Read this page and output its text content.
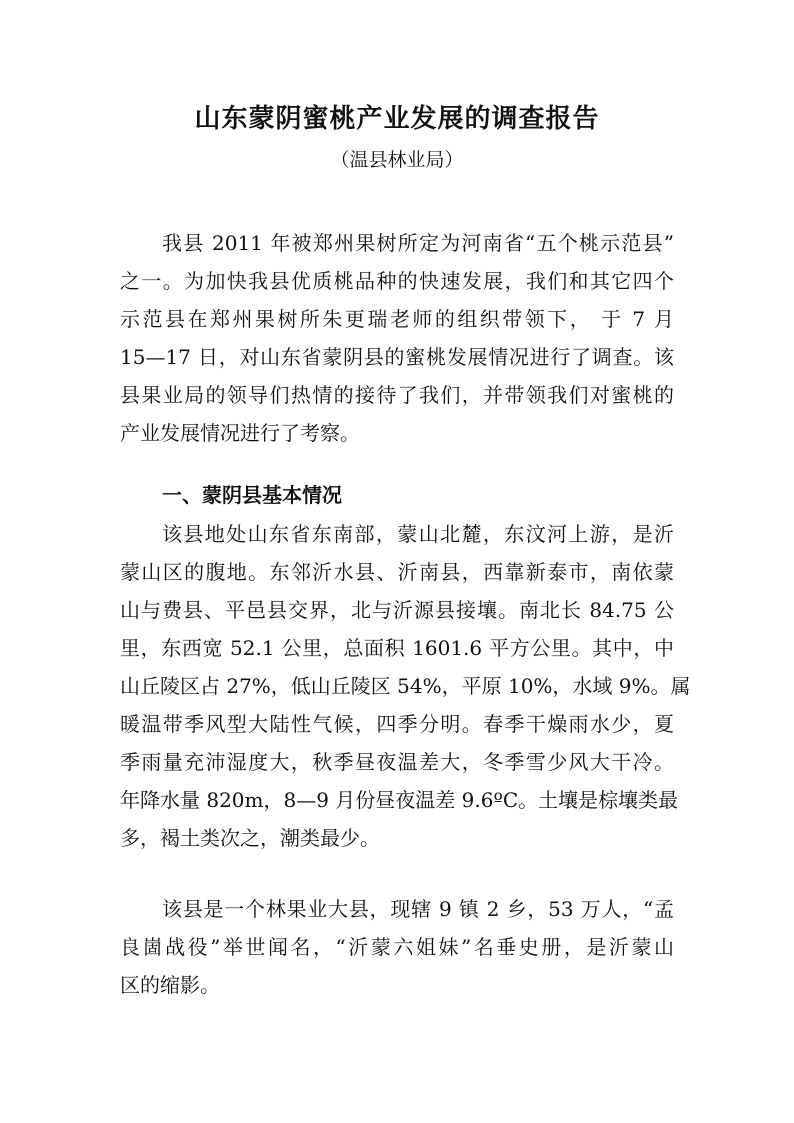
山东蒙阴蜜桃产业发展的调查报告
（温县林业局）
我县 2011 年被郑州果树所定为河南省“五个桃示范县”
之一。为加快我县优质桃品种的快速发展，我们和其它四个
示范县在郑州果树所朱更瑞老师的组织带领下， 于 7 月
15—17 日，对山东省蒙阴县的蜜桃发展情况进行了调查。该
县果业局的领导们热情的接待了我们，并带领我们对蜜桃的
产业发展情况进行了考察。
一、蒙阴县基本情况
该县地处山东省东南部，蒙山北麓，东汶河上游，是沂
蒙山区的腹地。东邻沂水县、沂南县，西靠新泰市，南依蒙
山与费县、平邑县交界，北与沂源县接壤。南北长 84.75 公
里，东西宽 52.1 公里，总面积 1601.6 平方公里。其中，中
山丘陵区占 27%，低山丘陵区 54%，平原 10%，水域 9%。属
暖温带季风型大陆性气候，四季分明。春季干燥雨水少，夏
季雨量充沛湿度大，秋季昼夜温差大，冬季雪少风大干冷。
年降水量 820m，8—9 月份昼夜温差 9.6ºC。土壤是棕壤类最
多，褐土类次之，潮类最少。
该县是一个林果业大县，现辖 9 镇 2 乡，53 万人，“孟
良崮战役”举世闻名，“沂蒙六姐妹”名垂史册，是沂蒙山
区的缩影。
